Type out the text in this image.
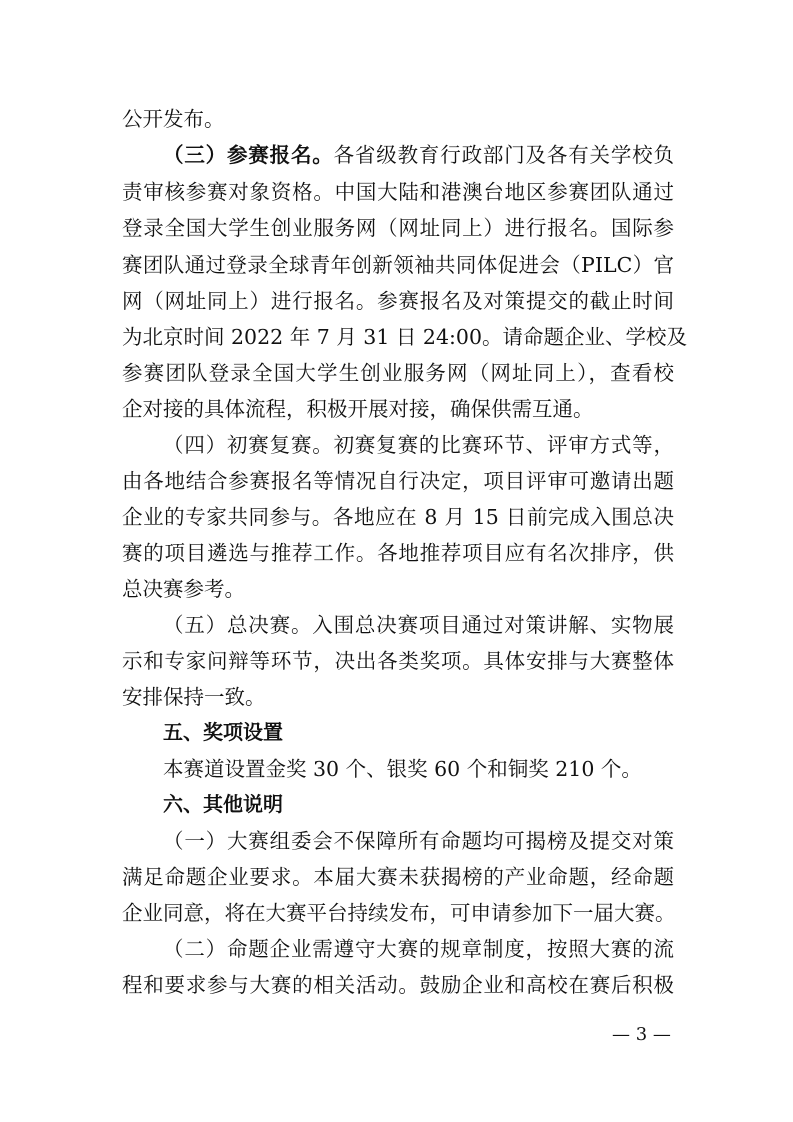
公开发布。
（三）参赛报名。各省级教育行政部门及各有关学校负
责审核参赛对象资格。中国大陆和港澳台地区参赛团队通过
登录全国大学生创业服务网（网址同上）进行报名。国际参
赛团队通过登录全球青年创新领袖共同体促进会（PILC）官
网（网址同上）进行报名。参赛报名及对策提交的截止时间
为北京时间 2022 年 7 月 31 日 24:00。请命题企业、学校及
参赛团队登录全国大学生创业服务网（网址同上），查看校
企对接的具体流程，积极开展对接，确保供需互通。
（四）初赛复赛。初赛复赛的比赛环节、评审方式等，
由各地结合参赛报名等情况自行决定，项目评审可邀请出题
企业的专家共同参与。各地应在 8 月 15 日前完成入围总决
赛的项目遴选与推荐工作。各地推荐项目应有名次排序，供
总决赛参考。
（五）总决赛。入围总决赛项目通过对策讲解、实物展
示和专家问辩等环节，决出各类奖项。具体安排与大赛整体
安排保持一致。
五、奖项设置
本赛道设置金奖 30 个、银奖 60 个和铜奖 210 个。
六、其他说明
（一）大赛组委会不保障所有命题均可揭榜及提交对策
满足命题企业要求。本届大赛未获揭榜的产业命题，经命题
企业同意，将在大赛平台持续发布，可申请参加下一届大赛。
（二）命题企业需遵守大赛的规章制度，按照大赛的流
程和要求参与大赛的相关活动。鼓励企业和高校在赛后积极
— 3 —
